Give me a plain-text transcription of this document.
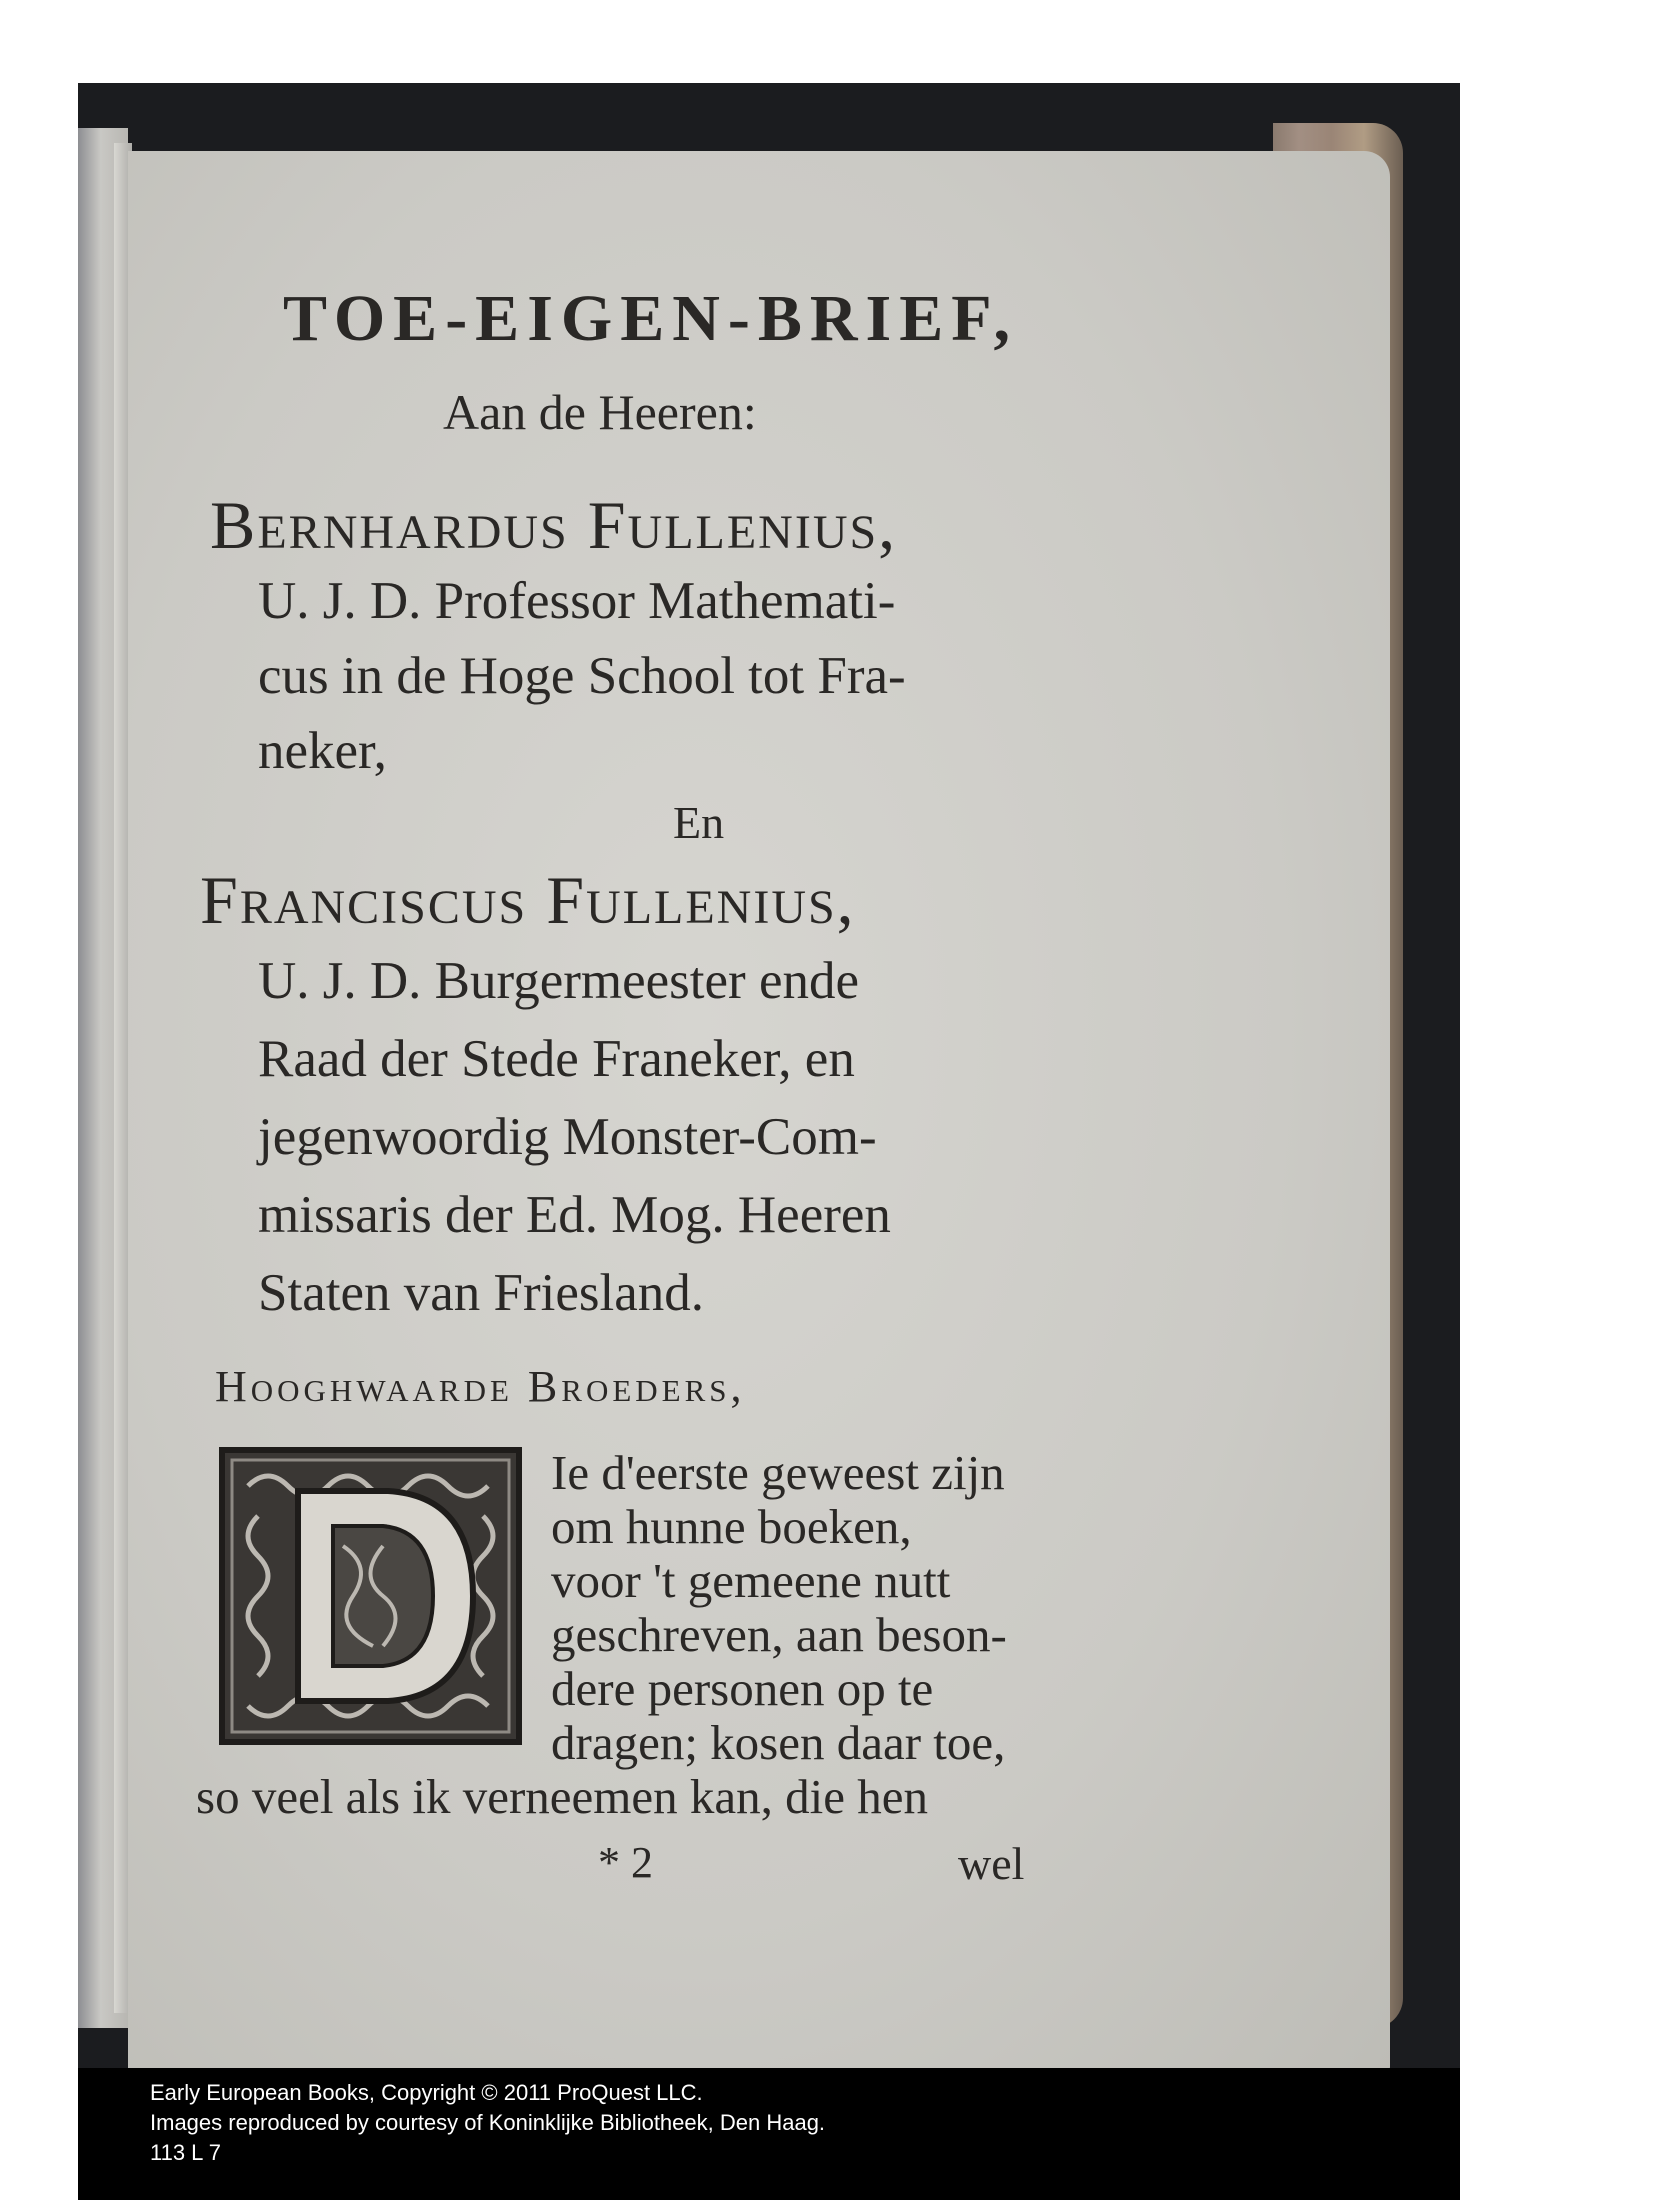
TOE-EIGEN-BRIEF,
Aan de Heeren:
Bernhardus Fullenius,
U. J. D. Professor Mathemati-
cus in de Hoge School tot Fra-
neker,
En
Franciscus Fullenius,
U. J. D. Burgermeester ende
Raad der Stede Franeker, en
jegenwoordig Monster-Com-
missaris der Ed. Mog. Heeren
Staten van Friesland.
Hooghwaarde Broeders,
Ie d'eerste geweest zijn
om hunne boeken,
voor 't gemeene nutt
geschreven, aan beson-
dere personen op te
dragen; kosen daar toe,
so veel als ik verneemen kan, die hen
* 2	wel
Early European Books, Copyright © 2011 ProQuest LLC.
Images reproduced by courtesy of Koninklijke Bibliotheek, Den Haag.
113 L 7
